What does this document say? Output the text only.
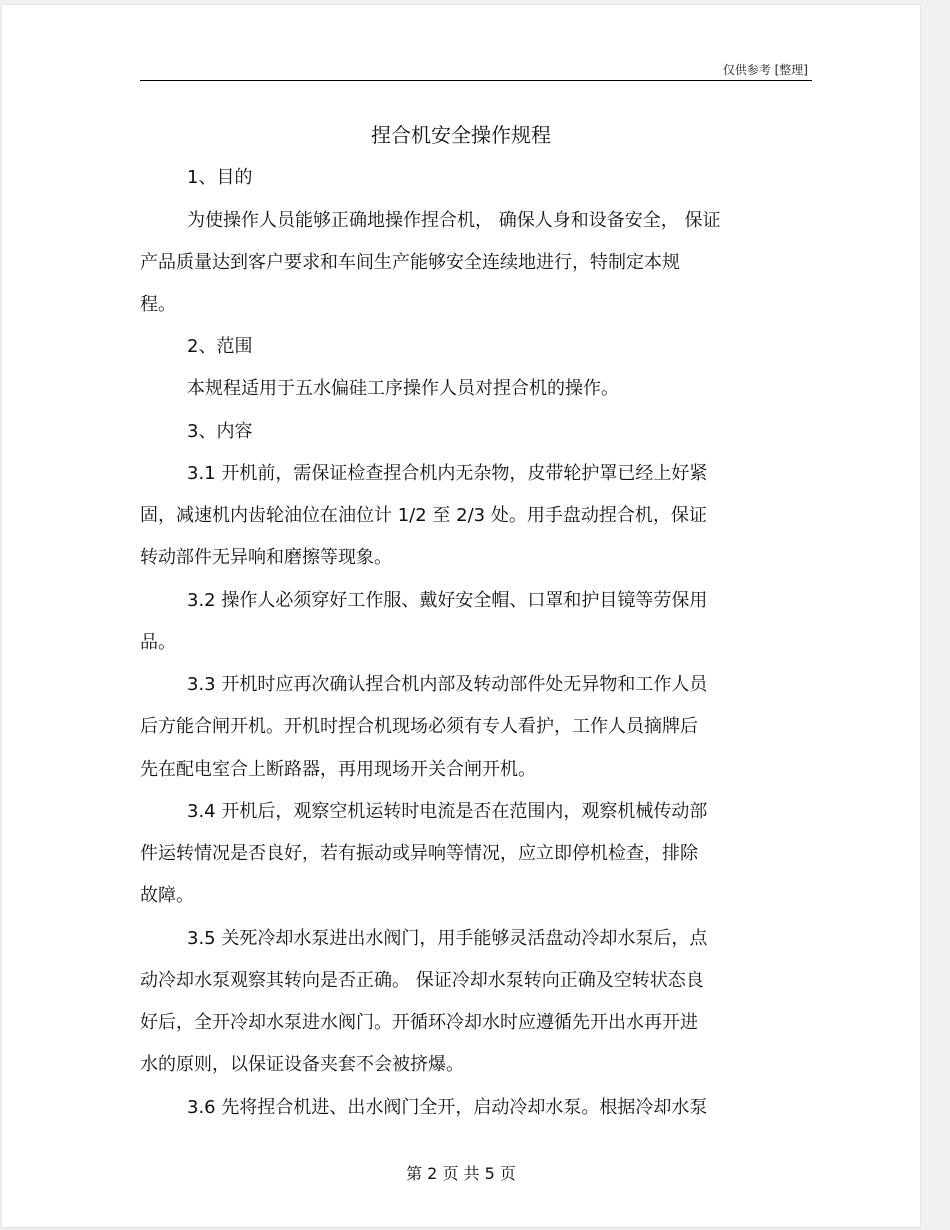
仅供参考 [整理]
捏合机安全操作规程
1、目的
为使操作人员能够正确地操作捏合机， 确保人身和设备安全， 保证
产品质量达到客户要求和车间生产能够安全连续地进行，特制定本规
程。
2、范围
本规程适用于五水偏硅工序操作人员对捏合机的操作。
3、内容
3.1 开机前，需保证检查捏合机内无杂物，皮带轮护罩已经上好紧
固，减速机内齿轮油位在油位计 1/2 至 2/3 处。用手盘动捏合机，保证
转动部件无异响和磨擦等现象。
3.2 操作人必须穿好工作服、戴好安全帽、口罩和护目镜等劳保用
品。
3.3 开机时应再次确认捏合机内部及转动部件处无异物和工作人员
后方能合闸开机。开机时捏合机现场必须有专人看护，工作人员摘牌后
先在配电室合上断路器，再用现场开关合闸开机。
3.4 开机后，观察空机运转时电流是否在范围内，观察机械传动部
件运转情况是否良好，若有振动或异响等情况，应立即停机检查，排除
故障。
3.5 关死冷却水泵进出水阀门，用手能够灵活盘动冷却水泵后，点
动冷却水泵观察其转向是否正确。 保证冷却水泵转向正确及空转状态良
好后，全开冷却水泵进水阀门。开循环冷却水时应遵循先开出水再开进
水的原则，以保证设备夹套不会被挤爆。
3.6 先将捏合机进、出水阀门全开，启动冷却水泵。根据冷却水泵
第 2 页 共 5 页
